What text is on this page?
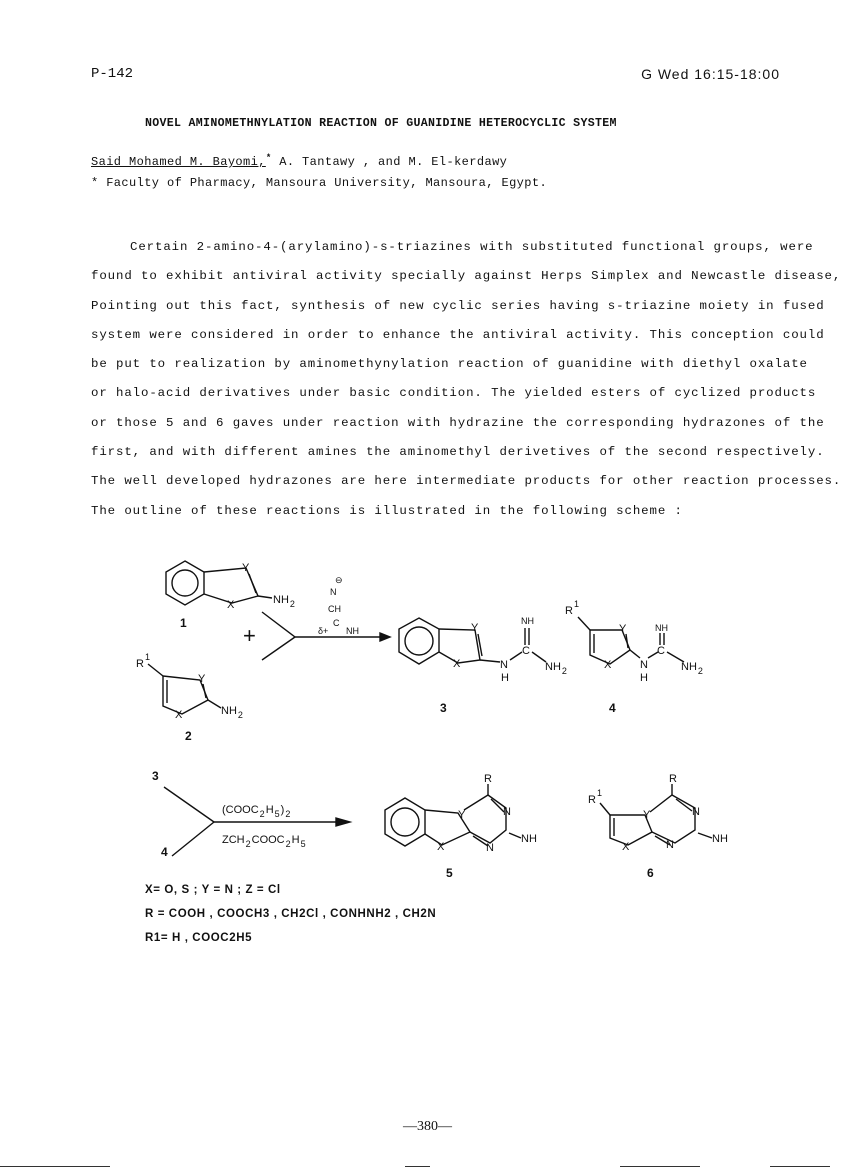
P-142	G Wed 16:15-18:00
NOVEL AMINOMETHNYLATION REACTION OF GUANIDINE HETEROCYCLIC SYSTEM
Said Mohamed M. Bayomi,* A. Tantawy , and M. El-kerdawy
* Faculty of Pharmacy, Mansoura University, Mansoura, Egypt.
Certain 2-amino-4-(arylamino)-s-triazines with substituted functional groups, were
found to exhibit antiviral activity specially against Herps Simplex and Newcastle disease,
Pointing out this fact, synthesis of new cyclic series having s-triazine moiety in fused
system were considered in order to enhance the antiviral activity. This conception could
be put to realization by aminomethynylation reaction of guanidine with diethyl oxalate
or halo-acid derivatives under basic condition. The yielded esters of cyclized products
or those 5 and 6 gaves under reaction with hydrazine the corresponding hydrazones of the
first, and with different amines the aminomethyl derivetives of the second respectively.
The well developed hydrazones are here intermediate products for other reaction processes.
The outline of these reactions is illustrated in the following scheme :
Y
X	$NH_2$
1
$R^1$
Y
X	$NH_2$
2
+
⊖
N
CH
C
δ+ NH	Y
X	N
H
C
NH
$NH_2$
3
$R^1$
Y
X	N
H
C
NH
$NH_2$
4
3
4
$(COOC_2H_5)_2$
$ZCH_2COOC_2H_5$
R
Y
X
N
N
NH
5
$R^1$
R
Y
X
N
N	NH
6
X= O, S ; Y = N ; Z = Cl
R = COOH , COOCH3 , CH2Cl , CONHNH2 , CH2N
R1= H , COOC2H5
—380—
